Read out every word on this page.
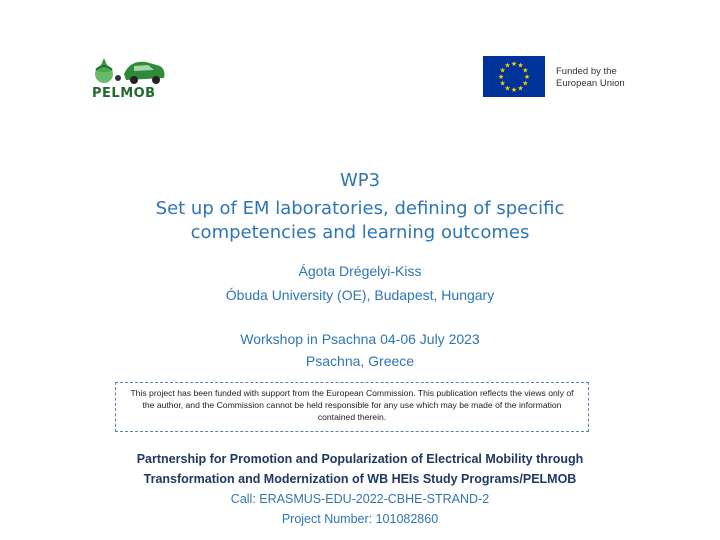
PELMOB
★ ★
★
★
★
★
★
★
★
★
★
★	Funded by the
European Union
WP3
Set up of EM laboratories, defining of specific
competencies and learning outcomes
Ágota Drégelyi-Kiss
Óbuda University (OE), Budapest, Hungary
Workshop in Psachna 04-06 July 2023
Psachna, Greece
This project has been funded with support from the European Commission. This publication reflects the views only of the author, and the Commission cannot be held responsible for any use which may be made of the information contained therein.
Partnership for Promotion and Popularization of Electrical Mobility through
Transformation and Modernization of WB HEIs Study Programs/PELMOB
Call: ERASMUS-EDU-2022-CBHE-STRAND-2
Project Number: 101082860
